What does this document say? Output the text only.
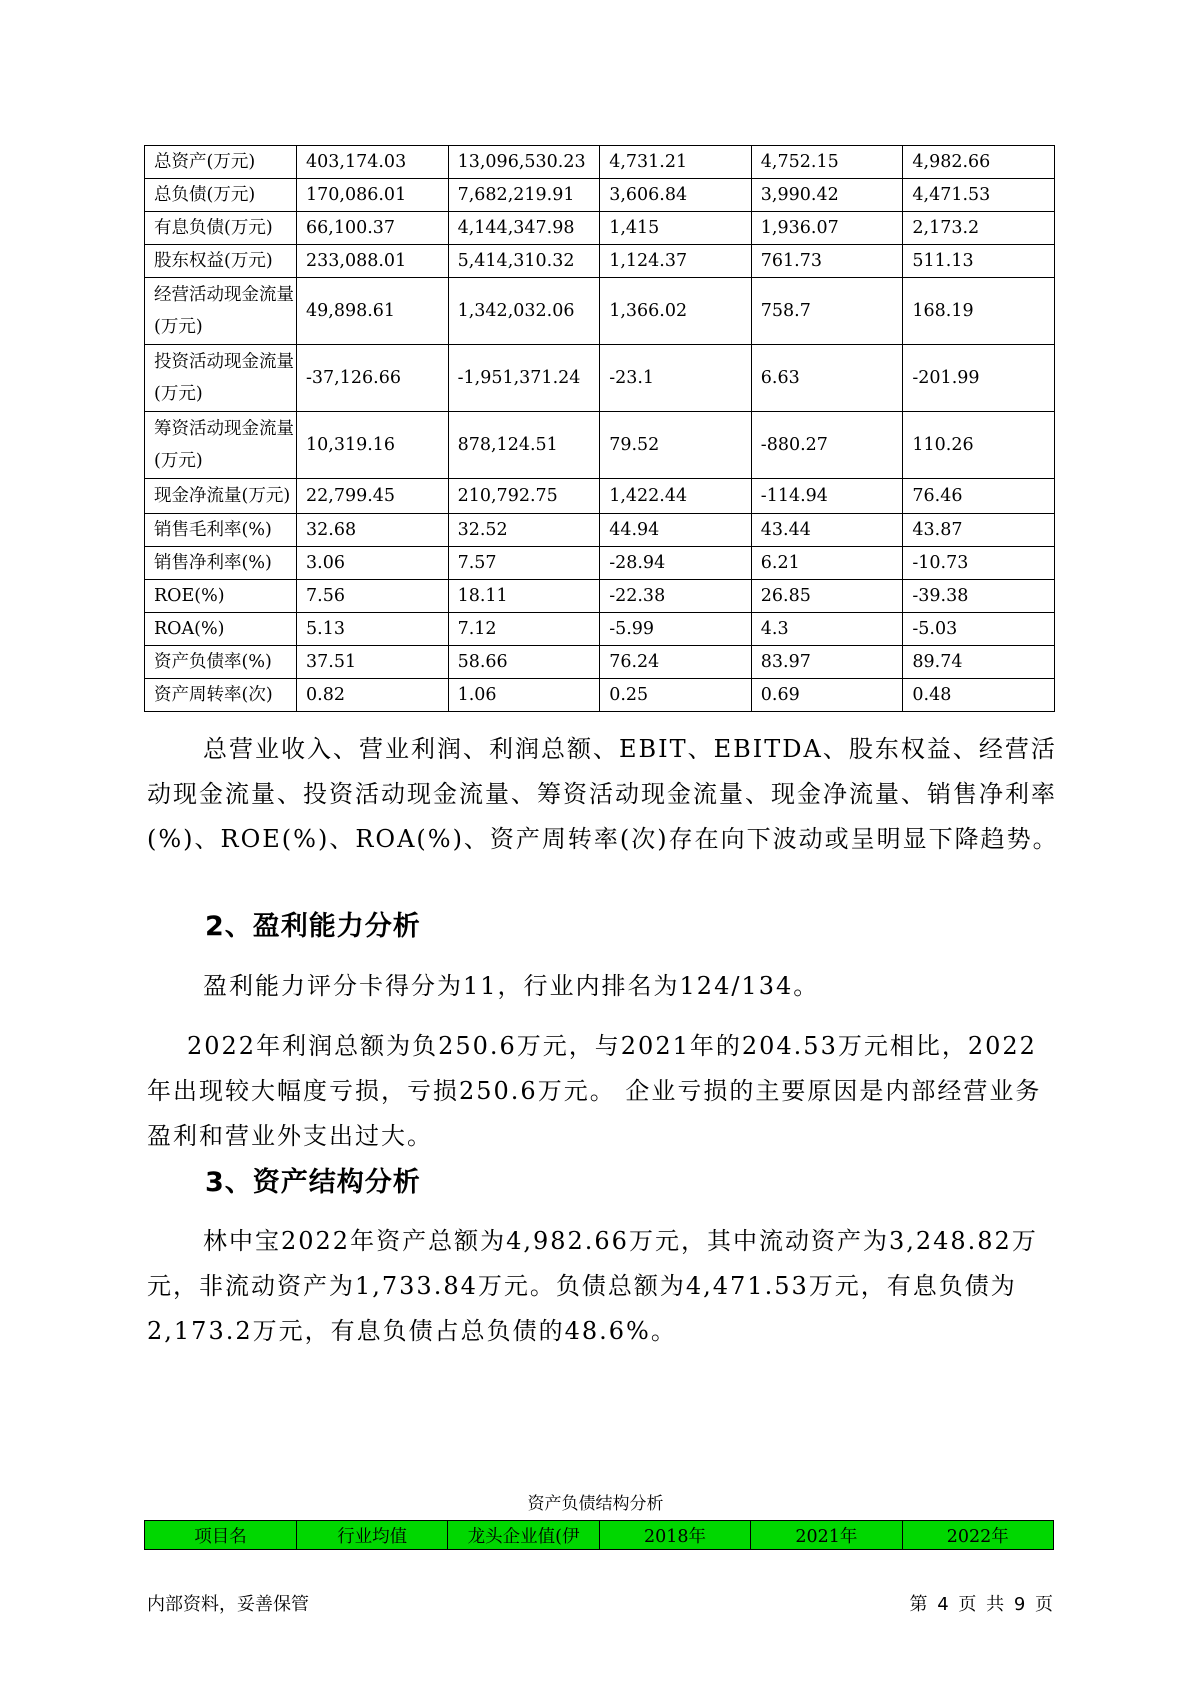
总资产(万元)	403,174.03	13,096,530.23	4,731.21	4,752.15	4,982.66
总负债(万元)	170,086.01	7,682,219.91	3,606.84	3,990.42	4,471.53
有息负债(万元)	66,100.37	4,144,347.98	1,415	1,936.07	2,173.2
股东权益(万元)	233,088.01	5,414,310.32	1,124.37	761.73	511.13
经营活动现金流量(万元)	49,898.61	1,342,032.06	1,366.02	758.7	168.19
投资活动现金流量(万元)	-37,126.66	-1,951,371.24	-23.1	6.63	-201.99
筹资活动现金流量(万元)	10,319.16	878,124.51	79.52	-880.27	110.26
现金净流量(万元)	22,799.45	210,792.75	1,422.44	-114.94	76.46
销售毛利率(%)	32.68	32.52	44.94	43.44	43.87
销售净利率(%)	3.06	7.57	-28.94	6.21	-10.73
ROE(%)	7.56	18.11	-22.38	26.85	-39.38
ROA(%)	5.13	7.12	-5.99	4.3	-5.03
资产负债率(%)	37.51	58.66	76.24	83.97	89.74
资产周转率(次)	0.82	1.06	0.25	0.69	0.48

总营业收入、营业利润、利润总额、EBIT、EBITDA、股东权益、经营活动现金流量、投资活动现金流量、筹资活动现金流量、现金净流量、销售净利率(%)、ROE(%)、ROA(%)、资产周转率(次)存在向下波动或呈明显下降趋势。

2、盈利能力分析

盈利能力评分卡得分为11，行业内排名为124/134。

2022年利润总额为负250.6万元，与2021年的204.53万元相比，2022年出现较大幅度亏损，亏损250.6万元。 企业亏损的主要原因是内部经营业务盈利和营业外支出过大。

3、资产结构分析

林中宝2022年资产总额为4,982.66万元，其中流动资产为3,248.82万元，非流动资产为1,733.84万元。负债总额为4,471.53万元，有息负债为2,173.2万元，有息负债占总负债的48.6%。

资产负债结构分析
项目名	行业均值	龙头企业值(伊	2018年	2021年	2022年
内部资料，妥善保管	第 4 页 共 9 页
